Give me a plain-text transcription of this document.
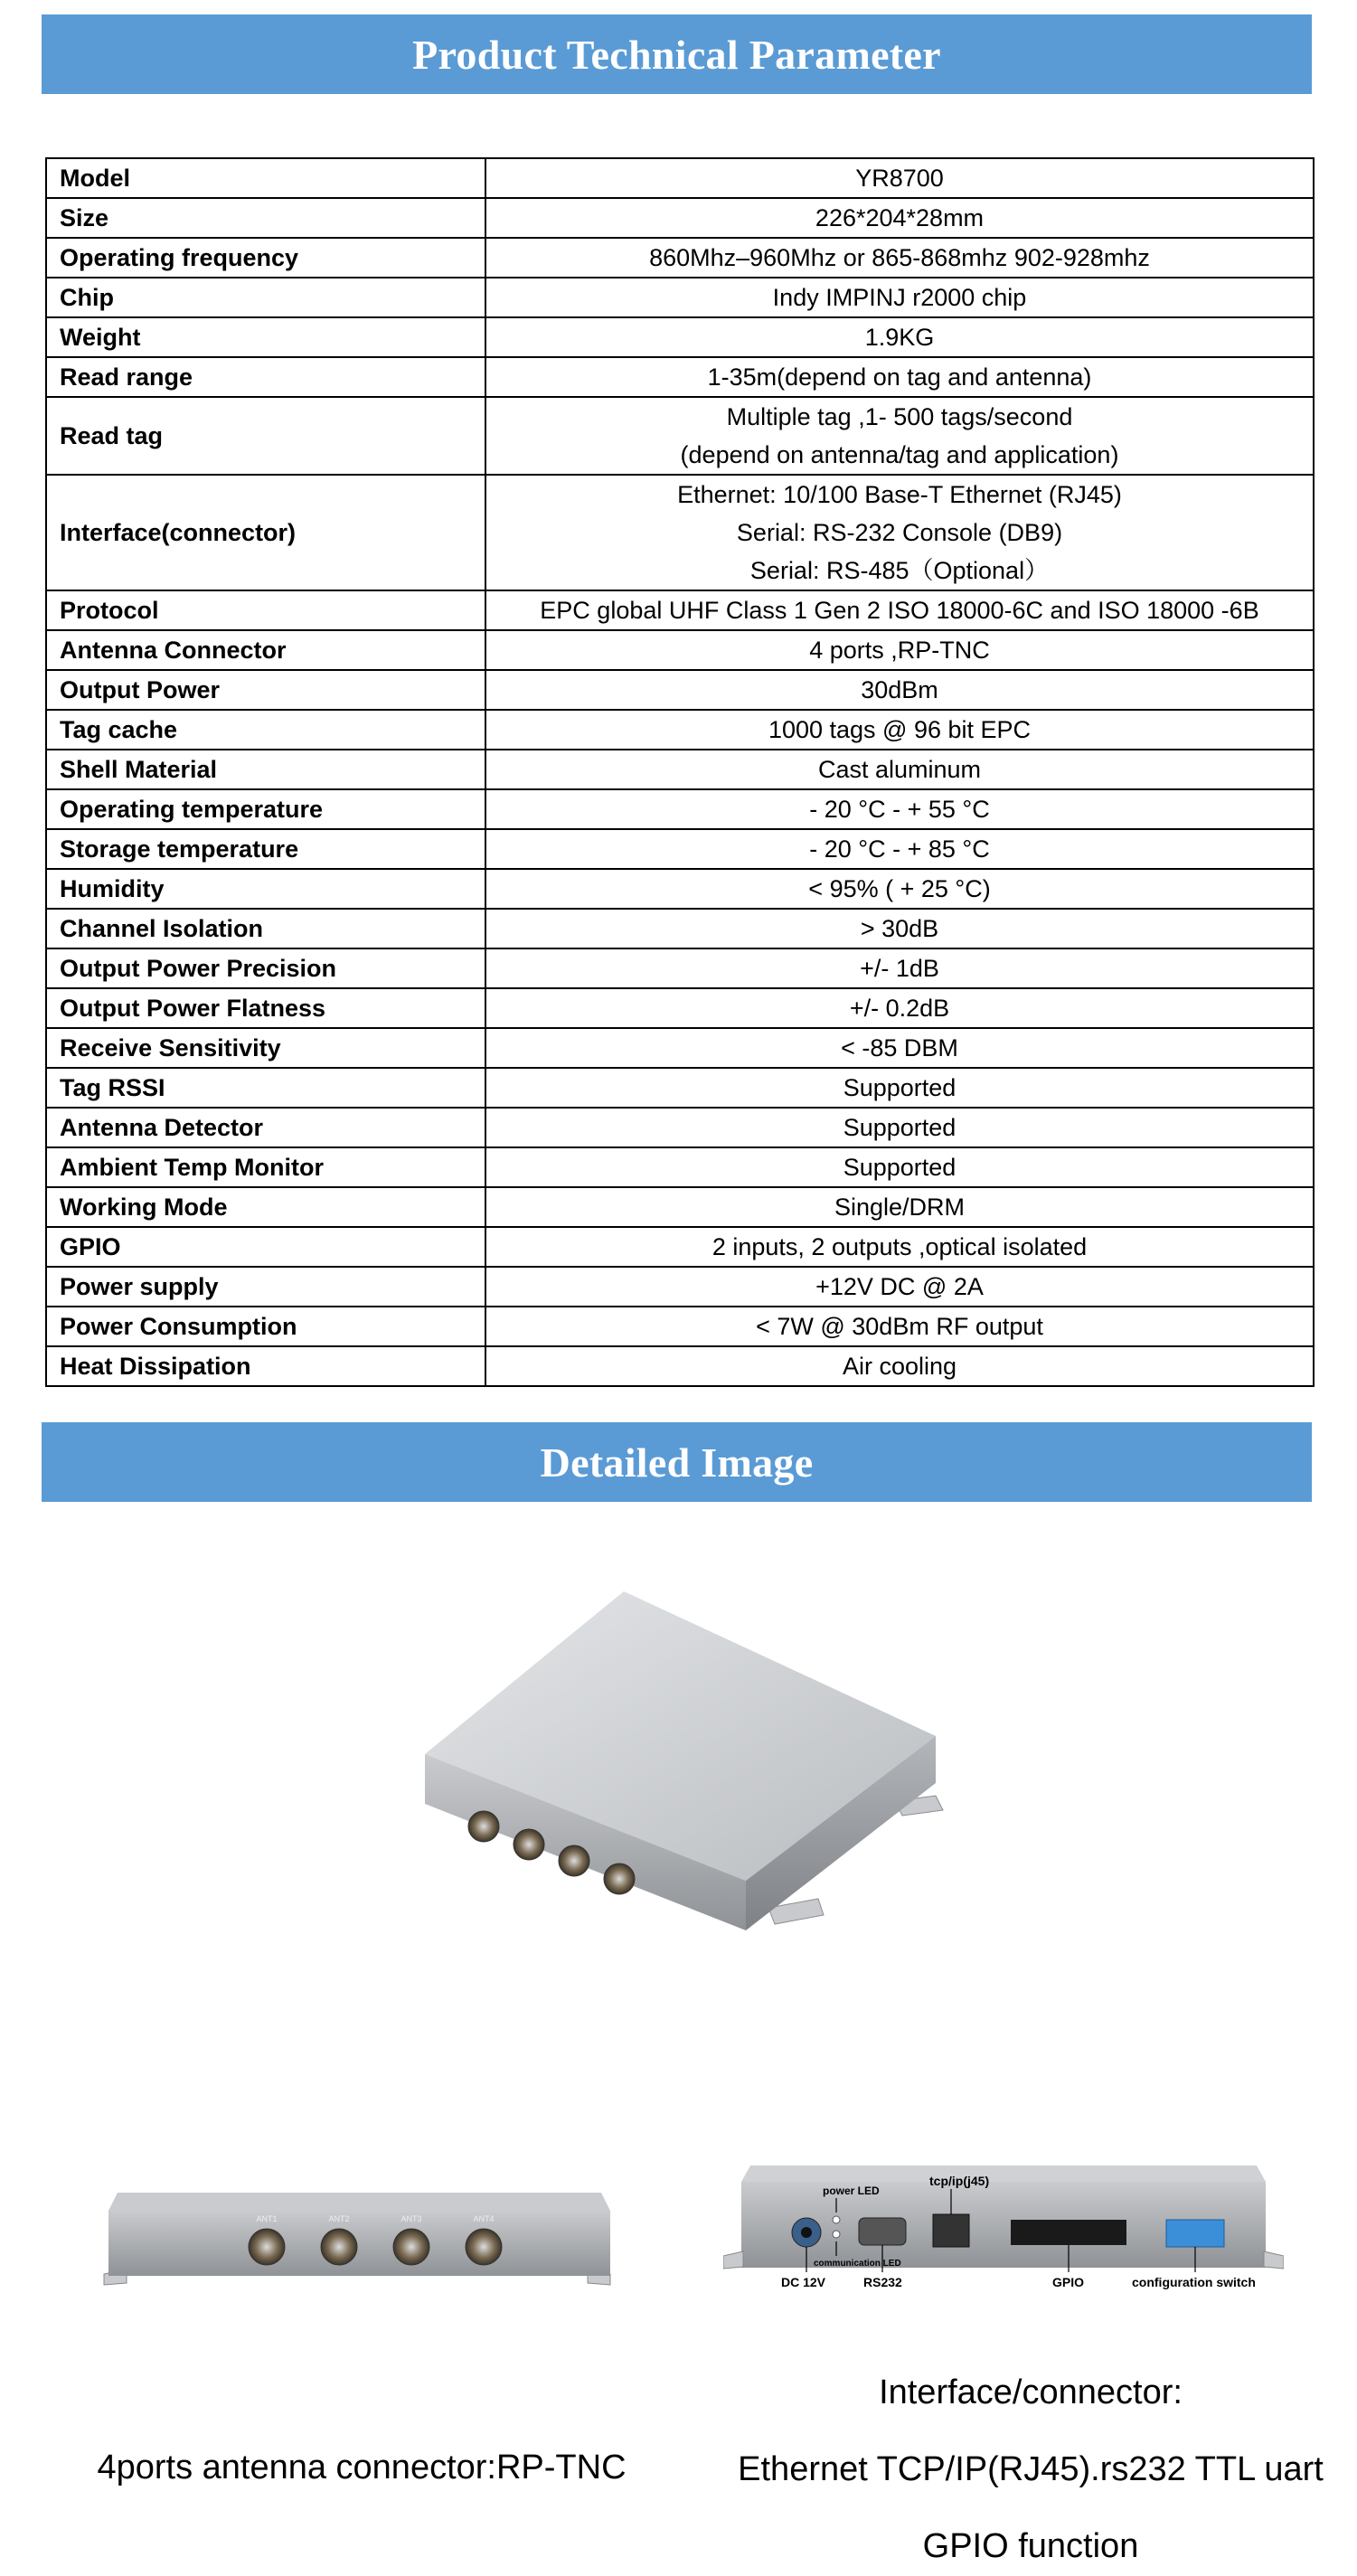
Product Technical Parameter
Model	YR8700
Size	226*204*28mm
Operating frequency	860Mhz–960Mhz or 865-868mhz 902-928mhz
Chip	Indy IMPINJ r2000 chip
Weight	1.9KG
Read range	1-35m(depend on tag and antenna)
Read tag	Multiple tag ,1- 500 tags/second
(depend on antenna/tag and application)
Interface(connector)	Ethernet: 10/100 Base-T Ethernet (RJ45)
Serial: RS-232 Console (DB9)
Serial: RS-485（Optional）
Protocol	EPC global UHF Class 1 Gen 2 ISO 18000-6C and ISO 18000 -6B
Antenna Connector	4 ports ,RP-TNC
Output Power	30dBm
Tag cache	1000 tags @ 96 bit EPC
Shell Material	Cast aluminum
Operating temperature	- 20 °C - + 55 °C
Storage temperature	- 20 °C - + 85 °C
Humidity	< 95% ( + 25 °C)
Channel Isolation	> 30dB
Output Power Precision	+/- 1dB
Output Power Flatness	+/- 0.2dB
Receive Sensitivity	< -85 DBM
Tag RSSI	Supported
Antenna Detector	Supported
Ambient Temp Monitor	Supported
Working Mode	Single/DRM
GPIO	2 inputs, 2 outputs ,optical isolated
Power supply	+12V DC @ 2A
Power Consumption	< 7W @ 30dBm RF output
Heat Dissipation	Air cooling
Detailed Image
ANT1	ANT2	ANT3	ANT4
power LED
communication LED
tcp/ip(j45)
DC 12V	RS232	GPIO	configuration switch
4ports antenna connector:RP-TNC
Interface/connector:
Ethernet TCP/IP(RJ45).rs232 TTL uart
GPIO function
